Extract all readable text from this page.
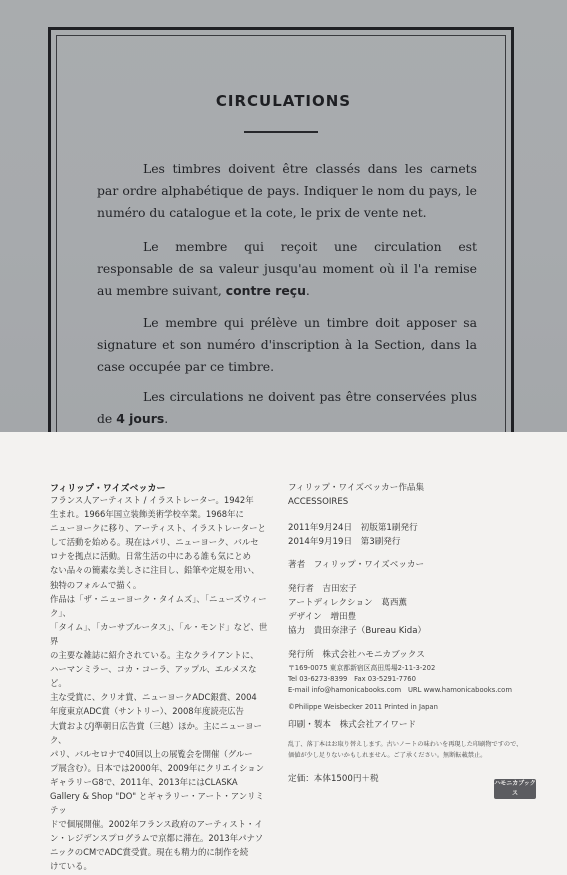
CIRCULATIONS
Les timbres doivent être classés dans les carnets par ordre alphabétique de pays. Indiquer le nom du pays, le numéro du catalogue et la cote, le prix de vente net.
Le membre qui reçoit une circulation est responsable de sa valeur jusqu'au moment où il l'a remise au membre suivant, contre reçu.
Le membre qui prélève un timbre doit apposer sa signature et son numéro d'inscription à la Section, dans la case occupée par ce timbre.
Les circulations ne doivent pas être conservées plus de 4 jours.
フィリップ・ワイズベッカー

フランス人アーティスト / イラストレーター。1942年

生まれ。1966年国立装飾美術学校卒業。1968年に

ニューヨークに移り、アーティスト、イラストレーターと

して活動を始める。現在はパリ、ニューヨーク、バルセ

ロナを拠点に活動。日常生活の中にある誰も気にとめ

ない品々の簡素な美しさに注目し、鉛筆や定規を用い、

独特のフォルムで描く。

作品は「ザ・ニューヨーク・タイムズ」、「ニューズウィーク」、

「タイム」、「カーサブルータス」、「ル・モンド」など、世界

の主要な雑誌に紹介されている。主なクライアントに、

ハーマンミラー、コカ・コーラ、アップル、エルメスなど。

主な受賞に、クリオ賞、ニューヨークADC銀賞、2004

年度東京ADC賞（サントリー）、2008年度読売広告

大賞およびJ準朝日広告賞（三越）ほか。主にニューヨーク、

パリ、バルセロナで40回以上の展覧会を開催（グルー

プ展含む）。日本では2000年、2009年にクリエイション

ギャラリーG8で、2011年、2013年にはCLASKA

Gallery & Shop "DO" とギャラリー・アート・アンリミテッ

ドで個展開催。2002年フランス政府のアーティスト・イ

ン・レジデンスプログラムで京都に滞在。2013年パナソ

ニックのCMでADC賞受賞。現在も精力的に制作を続

けている。

フィリップ・ワイズベッカー作品集
ACCESSOIRES
2011年9月24日　初版第1刷発行
2014年9月19日　第3刷発行
著者　フィリップ・ワイズベッカー
発行者　吉田宏子
アートディレクション　葛西薫
デザイン　増田豊
協力　貴田奈津子（Bureau Kida）
発行所　株式会社ハモニカブックス
〒169-0075 東京都新宿区高田馬場2-11-3-202
Tel 03-6273-8399　Fax 03-5291-7760
E-mail info@hamonicabooks.com　URL www.hamonicabooks.com
©Philippe Weisbecker 2011 Printed in Japan
印刷・製本　株式会社アイワード
乱丁、落丁本はお取り替えします。古いノートの味わいを再現した印刷物ですので、
価値が少し足りないかもしれません。ご了承ください。無断転載禁止。
定価：本体1500円＋税	ハモニカブックス
